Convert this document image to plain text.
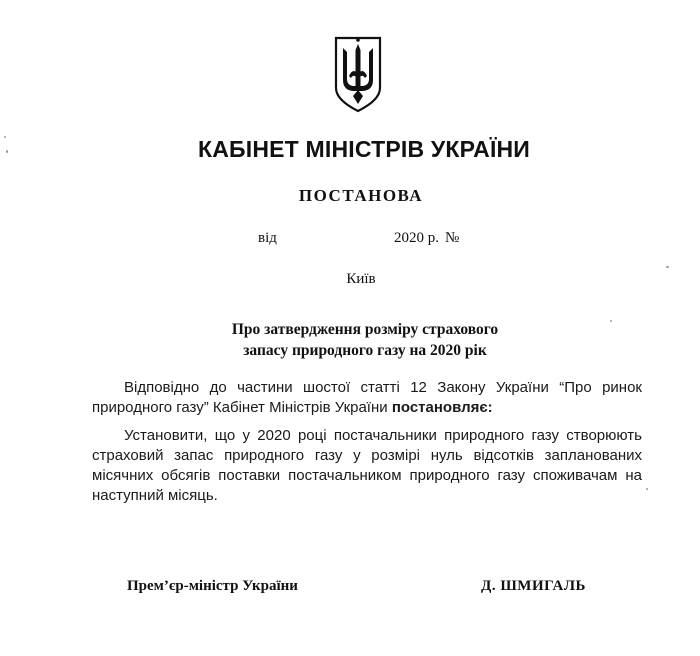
КАБІНЕТ МІНІСТРІВ УКРАЇНИ
ПОСТАНОВА
від	2020 р. №
Київ
Про затвердження розміру страхового
запасу природного газу на 2020 рік
Відповідно до частини шостої статті 12 Закону України “Про ринок природного газу” Кабінет Міністрів України постановляє:
Установити, що у 2020 році постачальники природного газу створюють страховий запас природного газу у розмірі нуль відсотків запланованих місячних обсягів поставки постачальником природного газу споживачам на наступний місяць.
Прем’єр-міністр України	Д. ШМИГАЛЬ
